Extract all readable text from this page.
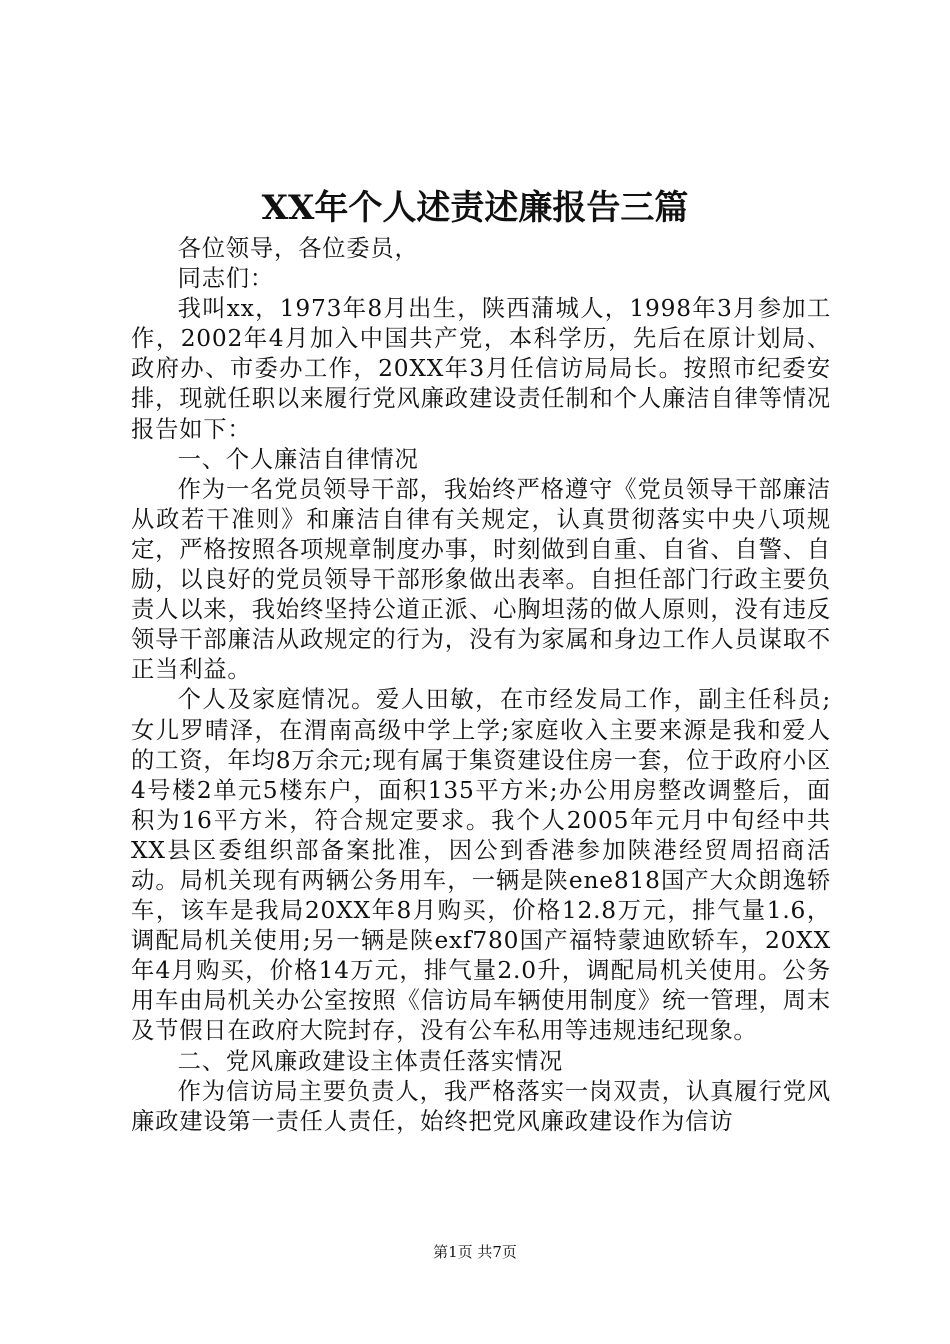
XX年个人述责述廉报告三篇

各位领导，各位委员，

同志们：

我叫xx，1973年8月出生，陕西蒲城人，1998年3月参加工作，2002年4月加入中国共产党，本科学历，先后在原计划局、政府办、市委办工作，20XX年3月任信访局局长。按照市纪委安排，现就任职以来履行党风廉政建设责任制和个人廉洁自律等情况报告如下：

一、个人廉洁自律情况

作为一名党员领导干部，我始终严格遵守《党员领导干部廉洁从政若干准则》和廉洁自律有关规定，认真贯彻落实中央八项规定，严格按照各项规章制度办事，时刻做到自重、自省、自警、自励，以良好的党员领导干部形象做出表率。自担任部门行政主要负责人以来，我始终坚持公道正派、心胸坦荡的做人原则，没有违反领导干部廉洁从政规定的行为，没有为家属和身边工作人员谋取不正当利益。

个人及家庭情况。爱人田敏，在市经发局工作，副主任科员;女儿罗晴泽，在渭南高级中学上学;家庭收入主要来源是我和爱人的工资，年均8万余元;现有属于集资建设住房一套，位于政府小区4号楼2单元5楼东户，面积135平方米;办公用房整改调整后，面积为16平方米，符合规定要求。我个人2005年元月中旬经中共XX县区委组织部备案批准，因公到香港参加陕港经贸周招商活动。局机关现有两辆公务用车，一辆是陕ene818国产大众朗逸轿车，该车是我局20XX年8月购买，价格12.8万元，排气量1.6，调配局机关使用;另一辆是陕exf780国产福特蒙迪欧轿车，20XX年4月购买，价格14万元，排气量2.0升，调配局机关使用。公务用车由局机关办公室按照《信访局车辆使用制度》统一管理，周末及节假日在政府大院封存，没有公车私用等违规违纪现象。

二、党风廉政建设主体责任落实情况

作为信访局主要负责人，我严格落实一岗双责，认真履行党风廉政建设第一责任人责任，始终把党风廉政建设作为信访

第1页 共7页
